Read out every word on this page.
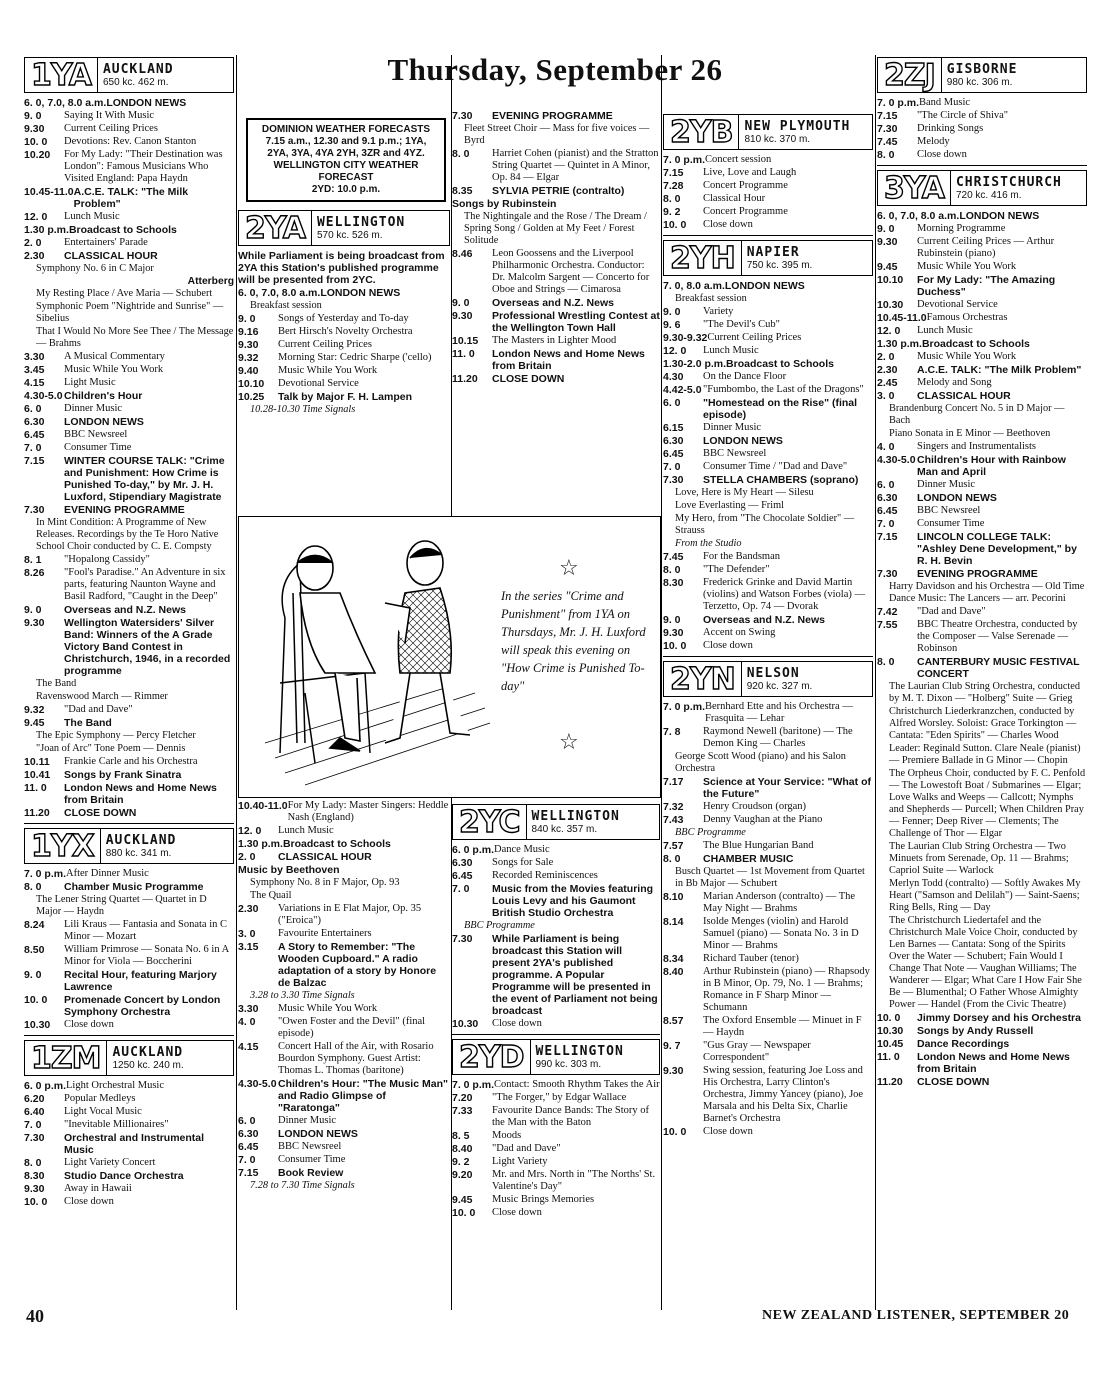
Thursday, September 26
1YA AUCKLAND
650 kc. 462 m.
6. 0, 7.0, 8.0 a.m. LONDON NEWS
9. 0	Saying It With Music
9.30	Current Ceiling Prices
10. 0	Devotions: Rev. Canon Stanton
10.20	For My Lady: "Their Destination was London": Famous Musicians Who Visited England: Papa Haydn
10.45-11.0 A.C.E. TALK: "The Milk Problem"
12. 0	Lunch Music
1.30 p.m. Broadcast to Schools
2. 0	Entertainers' Parade
2.30	CLASSICAL HOUR
Symphony No. 6 in C Major
Atterberg
My Resting Place / Ave Maria — Schubert
Symphonic Poem "Nightride and Sunrise" — Sibelius
That I Would No More See Thee / The Message — Brahms
3.30	A Musical Commentary
3.45	Music While You Work
4.15	Light Music
4.30-5.0 Children's Hour
6. 0	Dinner Music
6.30	LONDON NEWS
6.45	BBC Newsreel
7. 0	Consumer Time
7.15	WINTER COURSE TALK: "Crime and Punishment: How Crime is Punished To-day," by Mr. J. H. Luxford, Stipendiary Magistrate
7.30	EVENING PROGRAMME
In Mint Condition: A Programme of New Releases. Recordings by the Te Horo Native School Choir conducted by C. E. Compsty
8. 1	"Hopalong Cassidy"
8.26	"Fool's Paradise." An Adventure in six parts, featuring Naunton Wayne and Basil Radford, "Caught in the Deep"
9. 0	Overseas and N.Z. News
9.30	Wellington Watersiders' Silver Band: Winners of the A Grade Victory Band Contest in Christchurch, 1946, in a recorded programme
The Band
Ravenswood March — Rimmer
9.32	"Dad and Dave"
9.45	The Band
The Epic Symphony — Percy Fletcher
"Joan of Arc" Tone Poem — Dennis
10.11	Frankie Carle and his Orchestra
10.41	Songs by Frank Sinatra
11. 0	London News and Home News from Britain
11.20	CLOSE DOWN
1YX AUCKLAND
880 kc. 341 m.
7. 0 p.m. After Dinner Music
8. 0	Chamber Music Programme
The Lener String Quartet — Quartet in D Major — Haydn
8.24	Lili Kraus — Fantasia and Sonata in C Minor — Mozart
8.50	William Primrose — Sonata No. 6 in A Minor for Viola — Boccherini
9. 0	Recital Hour, featuring Marjory Lawrence
10. 0	Promenade Concert by London Symphony Orchestra
10.30	Close down
1ZM AUCKLAND
1250 kc. 240 m.
6. 0 p.m. Light Orchestral Music
6.20	Popular Medleys
6.40	Light Vocal Music
7. 0	"Inevitable Millionaires"
7.30	Orchestral and Instrumental Music
8. 0	Light Variety Concert
8.30	Studio Dance Orchestra
9.30	Away in Hawaii
10. 0	Close down
DOMINION WEATHER FORECASTS
7.15 a.m., 12.30 and 9.1 p.m.; 1YA, 2YA, 3YA, 4YA 2YH, 3ZR and 4YZ.
WELLINGTON CITY WEATHER FORECAST
2YD: 10.0 p.m.
2YA WELLINGTON
570 kc. 526 m.
While Parliament is being broadcast from 2YA this Station's published programme will be presented from 2YC.
6. 0, 7.0, 8.0 a.m. LONDON NEWS
Breakfast session
9. 0	Songs of Yesterday and To-day
9.16	Bert Hirsch's Novelty Orchestra
9.30	Current Ceiling Prices
9.32	Morning Star: Cedric Sharpe ('cello)
9.40	Music While You Work
10.10	Devotional Service
10.25	Talk by Major F. H. Lampen
10.28-10.30 Time Signals
10.40-11.0 For My Lady: Master Singers: Heddle Nash (England)
12. 0	Lunch Music
1.30 p.m. Broadcast to Schools
2. 0	CLASSICAL HOUR
Music by Beethoven
Symphony No. 8 in F Major, Op. 93
The Quail
2.30	Variations in E Flat Major, Op. 35 ("Eroica")
3. 0	Favourite Entertainers
3.15	A Story to Remember: "The Wooden Cupboard." A radio adaptation of a story by Honore de Balzac
3.28 to 3.30 Time Signals
3.30	Music While You Work
4. 0	"Owen Foster and the Devil" (final episode)
4.15	Concert Hall of the Air, with Rosario Bourdon Symphony. Guest Artist: Thomas L. Thomas (baritone)
4.30-5.0 Children's Hour: "The Music Man" and Radio Glimpse of "Raratonga"
6. 0	Dinner Music
6.30	LONDON NEWS
6.45	BBC Newsreel
7. 0	Consumer Time
7.15	Book Review
7.28 to 7.30 Time Signals
7.30	EVENING PROGRAMME
Fleet Street Choir — Mass for five voices — Byrd
8. 0	Harriet Cohen (pianist) and the Stratton String Quartet — Quintet in A Minor, Op. 84 — Elgar
8.35	SYLVIA PETRIE (contralto)
Songs by Rubinstein
The Nightingale and the Rose / The Dream / Spring Song / Golden at My Feet / Forest Solitude
8.46	Leon Goossens and the Liverpool Philharmonic Orchestra. Conductor: Dr. Malcolm Sargent — Concerto for Oboe and Strings — Cimarosa
9. 0	Overseas and N.Z. News
9.30	Professional Wrestling Contest at the Wellington Town Hall
10.15	The Masters in Lighter Mood
11. 0	London News and Home News from Britain
11.20	CLOSE DOWN
2YC WELLINGTON
840 kc. 357 m.
6. 0 p.m. Dance Music
6.30	Songs for Sale
6.45	Recorded Reminiscences
7. 0	Music from the Movies featuring Louis Levy and his Gaumont British Studio Orchestra
BBC Programme
7.30	While Parliament is being broadcast this Station will present 2YA's published programme. A Popular Programme will be presented in the event of Parliament not being broadcast
10.30	Close down
2YD WELLINGTON
990 kc. 303 m.
7. 0 p.m. Contact: Smooth Rhythm Takes the Air
7.20	"The Forger," by Edgar Wallace
7.33	Favourite Dance Bands: The Story of the Man with the Baton
8. 5	Moods
8.40	"Dad and Dave"
9. 2	Light Variety
9.20	Mr. and Mrs. North in "The Norths' St. Valentine's Day"
9.45	Music Brings Memories
10. 0	Close down
2YB NEW PLYMOUTH
810 kc. 370 m.
7. 0 p.m. Concert session
7.15	Live, Love and Laugh
7.28	Concert Programme
8. 0	Classical Hour
9. 2	Concert Programme
10. 0	Close down
2YH NAPIER
750 kc. 395 m.
7. 0, 8.0 a.m. LONDON NEWS
Breakfast session
9. 0	Variety
9. 6	"The Devil's Cub"
9.30-9.32 Current Ceiling Prices
12. 0	Lunch Music
1.30-2.0 p.m. Broadcast to Schools
4.30	On the Dance Floor
4.42-5.0 "Fumbombo, the Last of the Dragons"
6. 0	"Homestead on the Rise" (final episode)
6.15	Dinner Music
6.30	LONDON NEWS
6.45	BBC Newsreel
7. 0	Consumer Time / "Dad and Dave"
7.30	STELLA CHAMBERS (soprano)
Love, Here is My Heart — Silesu
Love Everlasting — Friml
My Hero, from "The Chocolate Soldier" — Strauss
From the Studio
7.45	For the Bandsman
8. 0	"The Defender"
8.30	Frederick Grinke and David Martin (violins) and Watson Forbes (viola) — Terzetto, Op. 74 — Dvorak
9. 0	Overseas and N.Z. News
9.30	Accent on Swing
10. 0	Close down
2YN NELSON
920 kc. 327 m.
7. 0 p.m. Bernhard Ette and his Orchestra — Frasquita — Lehar
7. 8	Raymond Newell (baritone) — The Demon King — Charles
George Scott Wood (piano) and his Salon Orchestra
7.17	Science at Your Service: "What of the Future"
7.32	Henry Croudson (organ)
7.43	Denny Vaughan at the Piano
BBC Programme
7.57	The Blue Hungarian Band
8. 0	CHAMBER MUSIC
Busch Quartet — 1st Movement from Quartet in Bb Major — Schubert
8.10	Marian Anderson (contralto) — The May Night — Brahms
8.14	Isolde Menges (violin) and Harold Samuel (piano) — Sonata No. 3 in D Minor — Brahms
8.34	Richard Tauber (tenor)
8.40	Arthur Rubinstein (piano) — Rhapsody in B Minor, Op. 79, No. 1 — Brahms; Romance in F Sharp Minor — Schumann
8.57	The Oxford Ensemble — Minuet in F — Haydn
9. 7	"Gus Gray — Newspaper Correspondent"
9.30	Swing session, featuring Joe Loss and His Orchestra, Larry Clinton's Orchestra, Jimmy Yancey (piano), Joe Marsala and his Delta Six, Charlie Barnet's Orchestra
10. 0	Close down
2ZJ GISBORNE
980 kc. 306 m.
7. 0 p.m. Band Music
7.15	"The Circle of Shiva"
7.30	Drinking Songs
7.45	Melody
8. 0	Close down
3YA CHRISTCHURCH
720 kc. 416 m.
6. 0, 7.0, 8.0 a.m. LONDON NEWS
9. 0	Morning Programme
9.30	Current Ceiling Prices — Arthur Rubinstein (piano)
9.45	Music While You Work
10.10	For My Lady: "The Amazing Duchess"
10.30	Devotional Service
10.45-11.0 Famous Orchestras
12. 0	Lunch Music
1.30 p.m. Broadcast to Schools
2. 0	Music While You Work
2.30	A.C.E. TALK: "The Milk Problem"
2.45	Melody and Song
3. 0	CLASSICAL HOUR
Brandenburg Concert No. 5 in D Major — Bach
Piano Sonata in E Minor — Beethoven
4. 0	Singers and Instrumentalists
4.30-5.0 Children's Hour with Rainbow Man and April
6. 0	Dinner Music
6.30	LONDON NEWS
6.45	BBC Newsreel
7. 0	Consumer Time
7.15	LINCOLN COLLEGE TALK: "Ashley Dene Development," by R. H. Bevin
7.30	EVENING PROGRAMME
Harry Davidson and his Orchestra — Old Time Dance Music: The Lancers — arr. Pecorini
7.42	"Dad and Dave"
7.55	BBC Theatre Orchestra, conducted by the Composer — Valse Serenade — Robinson
8. 0	CANTERBURY MUSIC FESTIVAL CONCERT
The Laurian Club String Orchestra, conducted by M. T. Dixon — "Holberg" Suite — Grieg
Christchurch Liederkranzchen, conducted by Alfred Worsley. Soloist: Grace Torkington — Cantata: "Eden Spirits" — Charles Wood
Leader: Reginald Sutton. Clare Neale (pianist) — Premiere Ballade in G Minor — Chopin
The Orpheus Choir, conducted by F. C. Penfold — The Lowestoft Boat / Submarines — Elgar; Love Walks and Weeps — Callcott; Nymphs and Shepherds — Purcell; When Children Pray — Fenner; Deep River — Clements; The Challenge of Thor — Elgar
The Laurian Club String Orchestra — Two Minuets from Serenade, Op. 11 — Brahms; Capriol Suite — Warlock
Merlyn Todd (contralto) — Softly Awakes My Heart ("Samson and Delilah") — Saint-Saens; Ring Bells, Ring — Day
The Christchurch Liedertafel and the Christchurch Male Voice Choir, conducted by Len Barnes — Cantata: Song of the Spirits Over the Water — Schubert; Fain Would I Change That Note — Vaughan Williams; The Wanderer — Elgar; What Care I How Fair She Be — Blumenthal; O Father Whose Almighty Power — Handel (From the Civic Theatre)
10. 0	Jimmy Dorsey and his Orchestra
10.30	Songs by Andy Russell
10.45	Dance Recordings
11. 0	London News and Home News from Britain
11.20	CLOSE DOWN
☆
☆
In the series "Crime and Punishment" from 1YA on Thursdays, Mr. J. H. Luxford will speak this evening on "How Crime is Punished To-day"
40	NEW ZEALAND LISTENER, SEPTEMBER 20
